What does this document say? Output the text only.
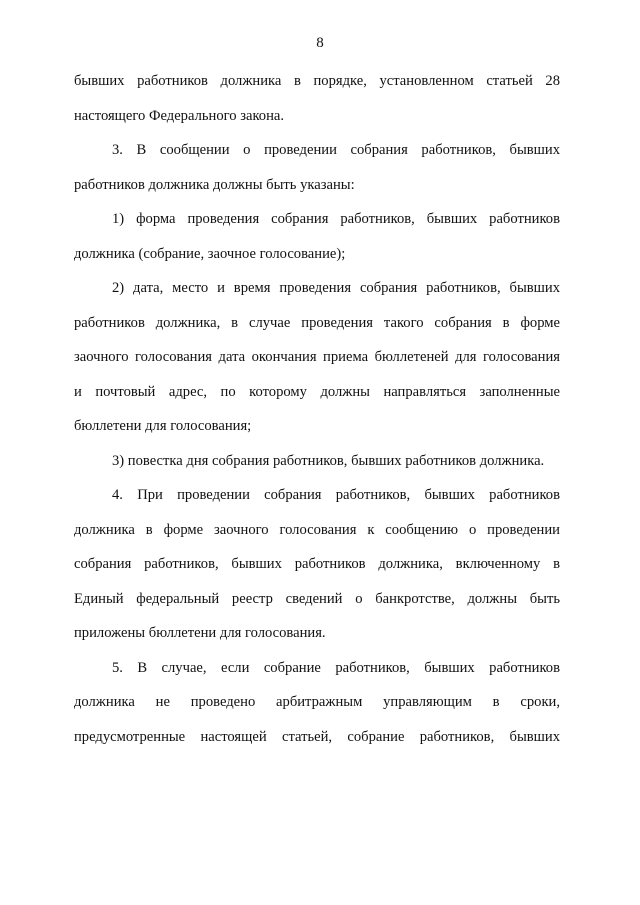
8
бывших работников должника в порядке, установленном статьей 28
настоящего Федерального закона.
3. В сообщении о проведении собрания работников, бывших
работников должника должны быть указаны:
1) форма проведения собрания работников, бывших работников
должника (собрание, заочное голосование);
2) дата, место и время проведения собрания работников, бывших
работников должника, в случае проведения такого собрания в форме
заочного голосования дата окончания приема бюллетеней для голосования
и почтовый адрес, по которому должны направляться заполненные
бюллетени для голосования;
3) повестка дня собрания работников, бывших работников должника.
4. При проведении собрания работников, бывших работников
должника в форме заочного голосования к сообщению о проведении
собрания работников, бывших работников должника, включенному в
Единый федеральный реестр сведений о банкротстве, должны быть
приложены бюллетени для голосования.
5. В случае, если собрание работников, бывших работников
должника не проведено арбитражным управляющим в сроки,
предусмотренные настоящей статьей, собрание работников, бывших
